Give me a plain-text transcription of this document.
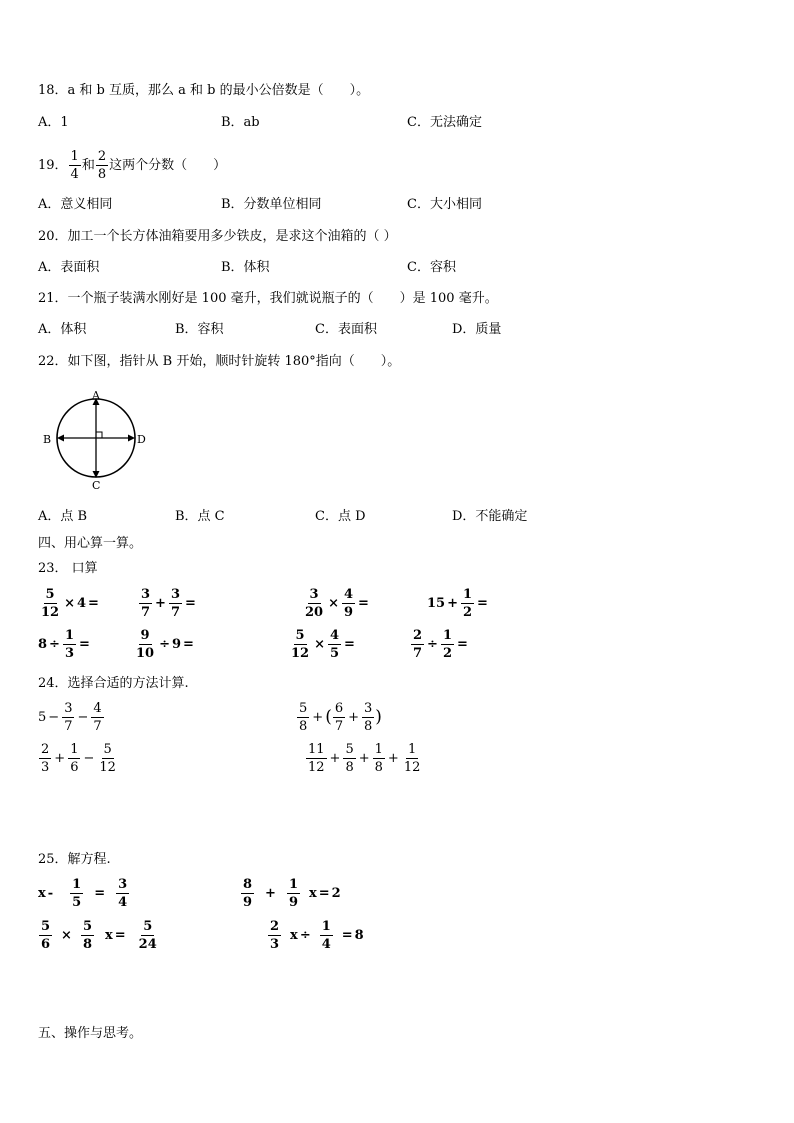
18．a 和 b 互质，那么 a 和 b 的最小公倍数是（　　）。
A．1	B．ab	C．无法确定
19． $\frac{1}{4}$ 和 $\frac{2}{8}$ 这两个分数（　　）
A．意义相同	B．分数单位相同	C．大小相同
20．加工一个长方体油箱要用多少铁皮，是求这个油箱的（ ）
A．表面积	B．体积	C．容积
21．一个瓶子装满水刚好是 100 毫升，我们就说瓶子的（　　）是 100 毫升。
A．体积	B．容积	C．表面积	D．质量
22．如下图，指针从 B 开始，顺时针旋转 180°指向（　　）。
A
B
C
D
A．点 B	B．点 C	C．点 D	D．不能确定
四、用心算一算。
23． 口算
$\frac{5}{12} \times 4$ =	$\frac{3}{7} + \frac{3}{7}$ =	$\frac{3}{20} \times \frac{4}{9}$ =	$15 + \frac{1}{2}$ =
$8 \div \frac{1}{3}$ =	$\frac{9}{10} \div 9$ =	$\frac{5}{12} \times \frac{4}{5}$ =	$\frac{2}{7} \div \frac{1}{2}$ =
24．选择合适的方法计算.
$5 - \frac{3}{7} - \frac{4}{7}$	$\frac{5}{8}$ + ( $\frac{6}{7} + \frac{3}{8}$ )
$\frac{2}{3} + \frac{1}{6} - \frac{5}{12}$	$\frac{11}{12} + \frac{5}{8} + \frac{1}{8} + \frac{1}{12}$
25．解方程.
$x - \frac{1}{5} = \frac{3}{4}$	$\frac{8}{9} + \frac{1}{9}$ x = 2
$\frac{5}{6} \times \frac{5}{8}$ $x = \frac{5}{24}$	$\frac{2}{3}$ $x \div \frac{1}{4} = 8$
五、操作与思考。
